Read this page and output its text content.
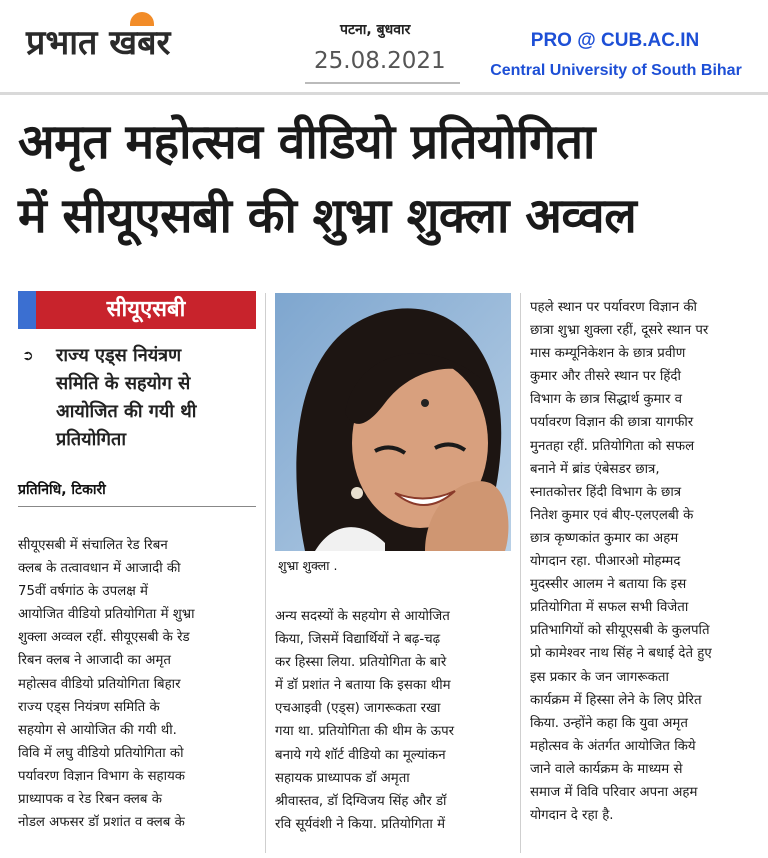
प्रभात खबर	पटना, बुधवार
25.08.2021
PRO @ CUB.AC.IN
Central University of South Bihar
अमृत महोत्सव वीडियो प्रतियोगिता
में सीयूएसबी की शुभ्रा शुक्ला अव्वल
सीयूएसबी
➲ राज्य एड्स नियंत्रण
समिति के सहयोग से
आयोजित की गयी थी
प्रतियोगिता
प्रतिनिधि, टिकारी

सीयूएसबी में संचालित रेड रिबन

क्लब के तत्वावधान में आजादी की

75वीं वर्षगांठ के उपलक्ष में

आयोजित वीडियो प्रतियोगिता में शुभ्रा

शुक्ला अव्वल रहीं. सीयूएसबी के रेड

रिबन क्लब ने आजादी का अमृत

महोत्सव वीडियो प्रतियोगिता बिहार

राज्य एड्स नियंत्रण समिति के

सहयोग से आयोजित की गयी थी.

विवि में लघु वीडियो प्रतियोगिता को

पर्यावरण विज्ञान विभाग के सहायक

प्राध्यापक व रेड रिबन क्लब के

नोडल अफसर डॉ प्रशांत व क्लब के

शुभ्रा शुक्ला .

अन्य सदस्यों के सहयोग से आयोजित

किया, जिसमें विद्यार्थियों ने बढ़-चढ़

कर हिस्सा लिया. प्रतियोगिता के बारे

में डॉ प्रशांत ने बताया कि इसका थीम

एचआइवी (एड्स) जागरूकता रखा

गया था. प्रतियोगिता की थीम के ऊपर

बनाये गये शॉर्ट वीडियो का मूल्यांकन

सहायक प्राध्यापक डॉ अमृता

श्रीवास्तव, डॉ दिग्विजय सिंह और डॉ

रवि सूर्यवंशी ने किया. प्रतियोगिता में

पहले स्थान पर पर्यावरण विज्ञान की

छात्रा शुभ्रा शुक्ला रहीं, दूसरे स्थान पर

मास कम्यूनिकेशन के छात्र प्रवीण

कुमार और तीसरे स्थान पर हिंदी

विभाग के छात्र सिद्धार्थ कुमार व

पर्यावरण विज्ञान की छात्रा यागफीर

मुनतहा रहीं. प्रतियोगिता को सफल

बनाने में ब्रांड एंबेसडर छात्र,

स्नातकोत्तर हिंदी विभाग के छात्र

नितेश कुमार एवं बीए-एलएलबी के

छात्र कृष्णकांत कुमार का अहम

योगदान रहा. पीआरओ मोहम्मद

मुदस्सीर आलम ने बताया कि इस

प्रतियोगिता में सफल सभी विजेता

प्रतिभागियों को सीयूएसबी के कुलपति

प्रो कामेश्वर नाथ सिंह ने बधाई देते हुए

इस प्रकार के जन जागरूकता

कार्यक्रम में हिस्सा लेने के लिए प्रेरित

किया. उन्होंने कहा कि युवा अमृत

महोत्सव के अंतर्गत आयोजित किये

जाने वाले कार्यक्रम के माध्यम से

समाज में विवि परिवार अपना अहम

योगदान दे रहा है.
